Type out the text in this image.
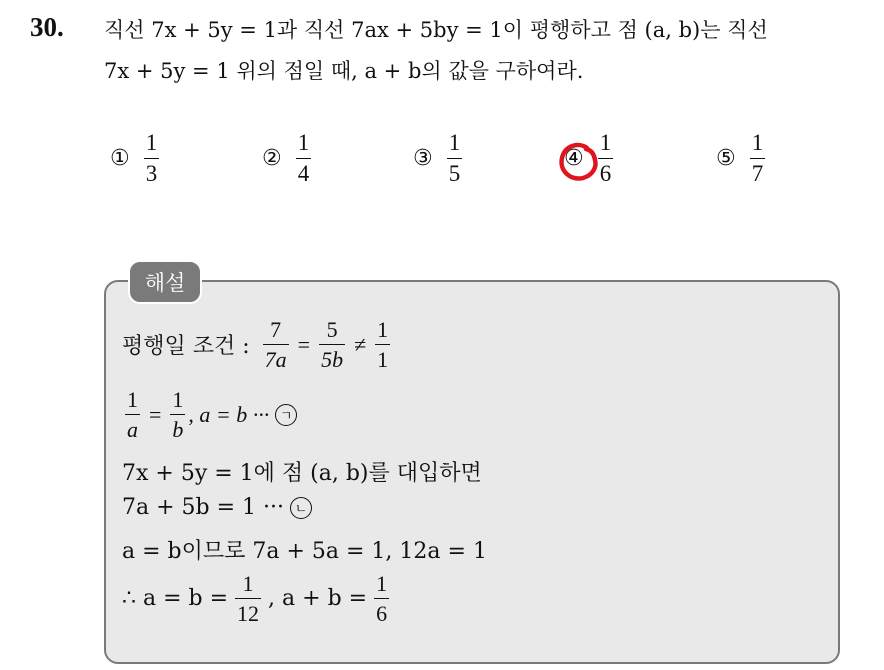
30. 직선 7x + 5y = 1과 직선 7ax + 5by = 1이 평행하고 점 (a, b)는 직선
7x + 5y = 1 위의 점일 때, a + b의 값을 구하여라.
① $\frac{1}{3}$	② $\frac{1}{4}$	③ $\frac{1}{5}$	④ $\frac{1}{6}$	⑤ $\frac{1}{7}$
해설
평행일 조건 : $\frac{7}{7a} = \frac{5}{5b} \ne \frac{1}{1}$
$\frac{1}{a} = \frac{1}{b}$ , a = b ··· ㄱ
7x + 5y = 1에 점 (a, b)를 대입하면
7a + 5b = 1 ··· ㄴ
a = b이므로 7a + 5a = 1, 12a = 1
∴ $a = b = \frac{1}{12}$ , $a + b = \frac{1}{6}$
